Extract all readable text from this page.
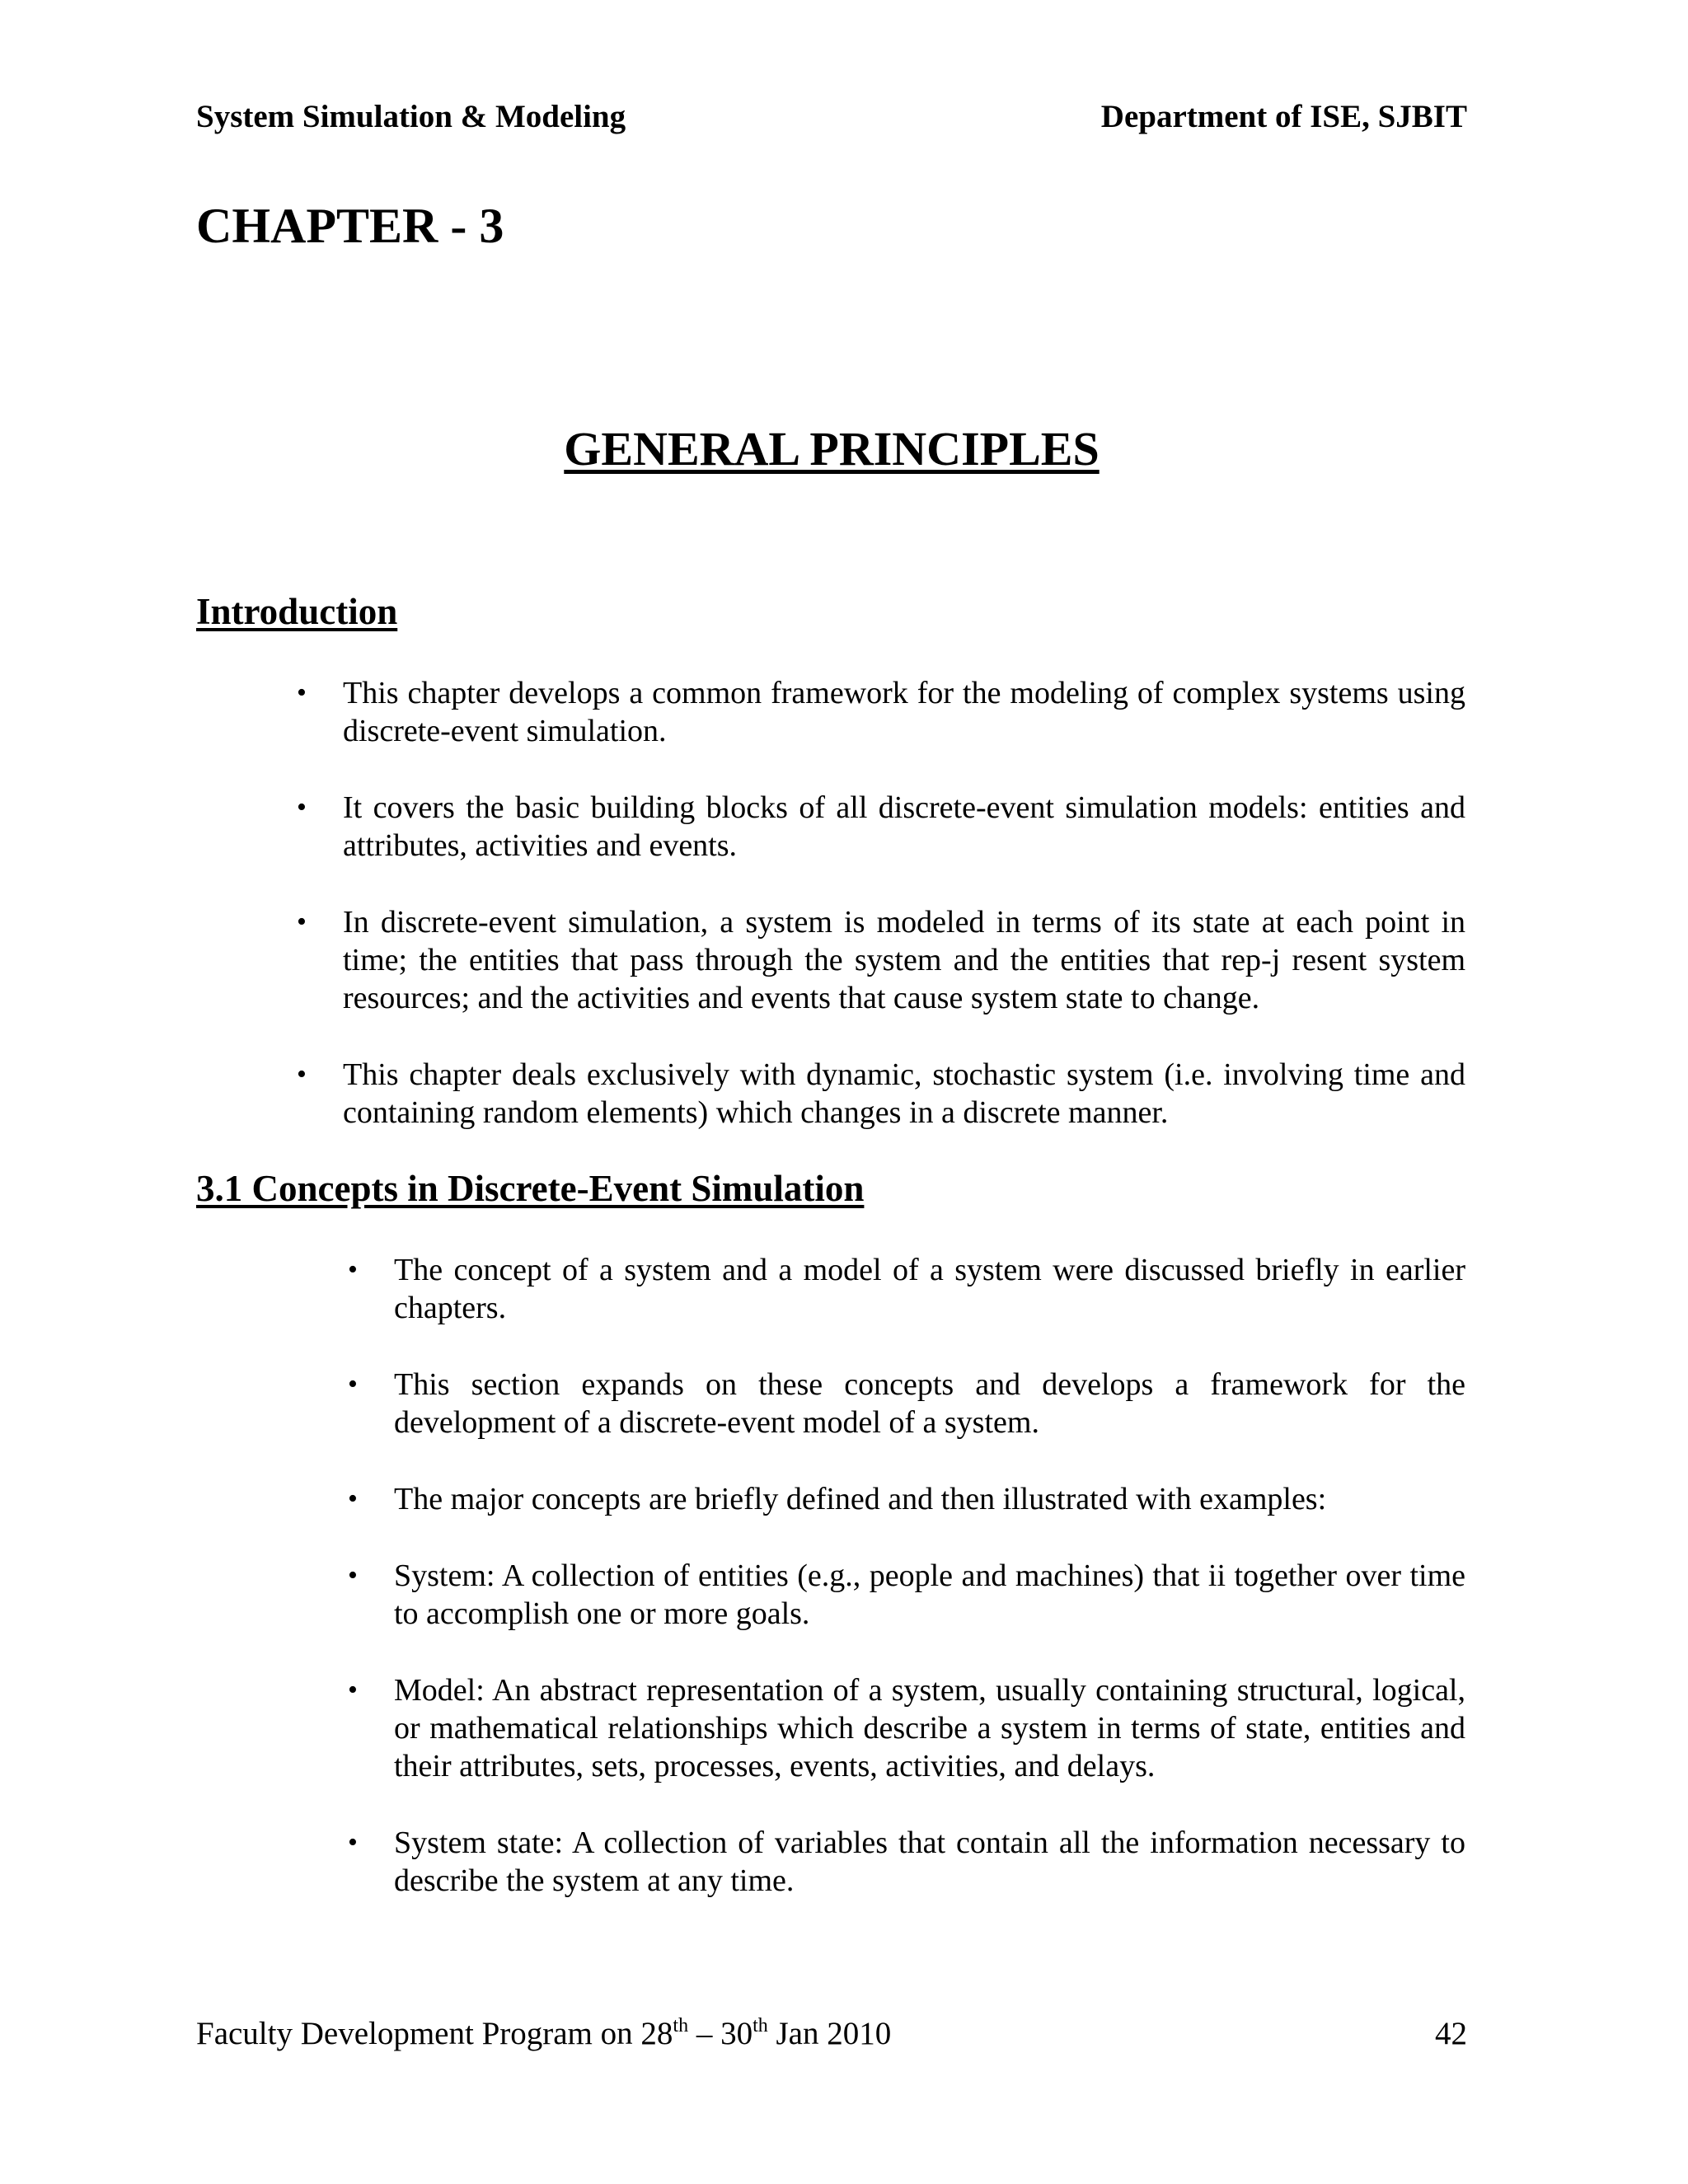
System Simulation & Modeling	Department of ISE, SJBIT
CHAPTER - 3
GENERAL PRINCIPLES
Introduction
•	This chapter develops a common framework for the modeling of complex systems using discrete-event simulation.
•	It covers the basic building blocks of all discrete-event simulation models: entities and attributes, activities and events.
•	In discrete-event simulation, a system is modeled in terms of its state at each point in time; the entities that pass through the system and the entities that rep-j resent system resources; and the activities and events that cause system state to change.
•	This chapter deals exclusively with dynamic, stochastic system (i.e. involving time and containing random elements) which changes in a discrete manner.
3.1 Concepts in Discrete-Event Simulation
•	The concept of a system and a model of a system were discussed briefly in earlier chapters.
•	This section expands on these concepts and develops a framework for the development of a discrete-event model of a system.
•	The major concepts are briefly defined and then illustrated with examples:
•	System: A collection of entities (e.g., people and machines) that ii together over time to accomplish one or more goals.
•	Model: An abstract representation of a system, usually containing structural, logical, or mathematical relationships which describe a system in terms of state, entities and their attributes, sets, processes, events, activities, and delays.
•	System state: A collection of variables that contain all the information necessary to describe the system at any time.
Faculty Development Program on 28th – 30th Jan 2010	42
